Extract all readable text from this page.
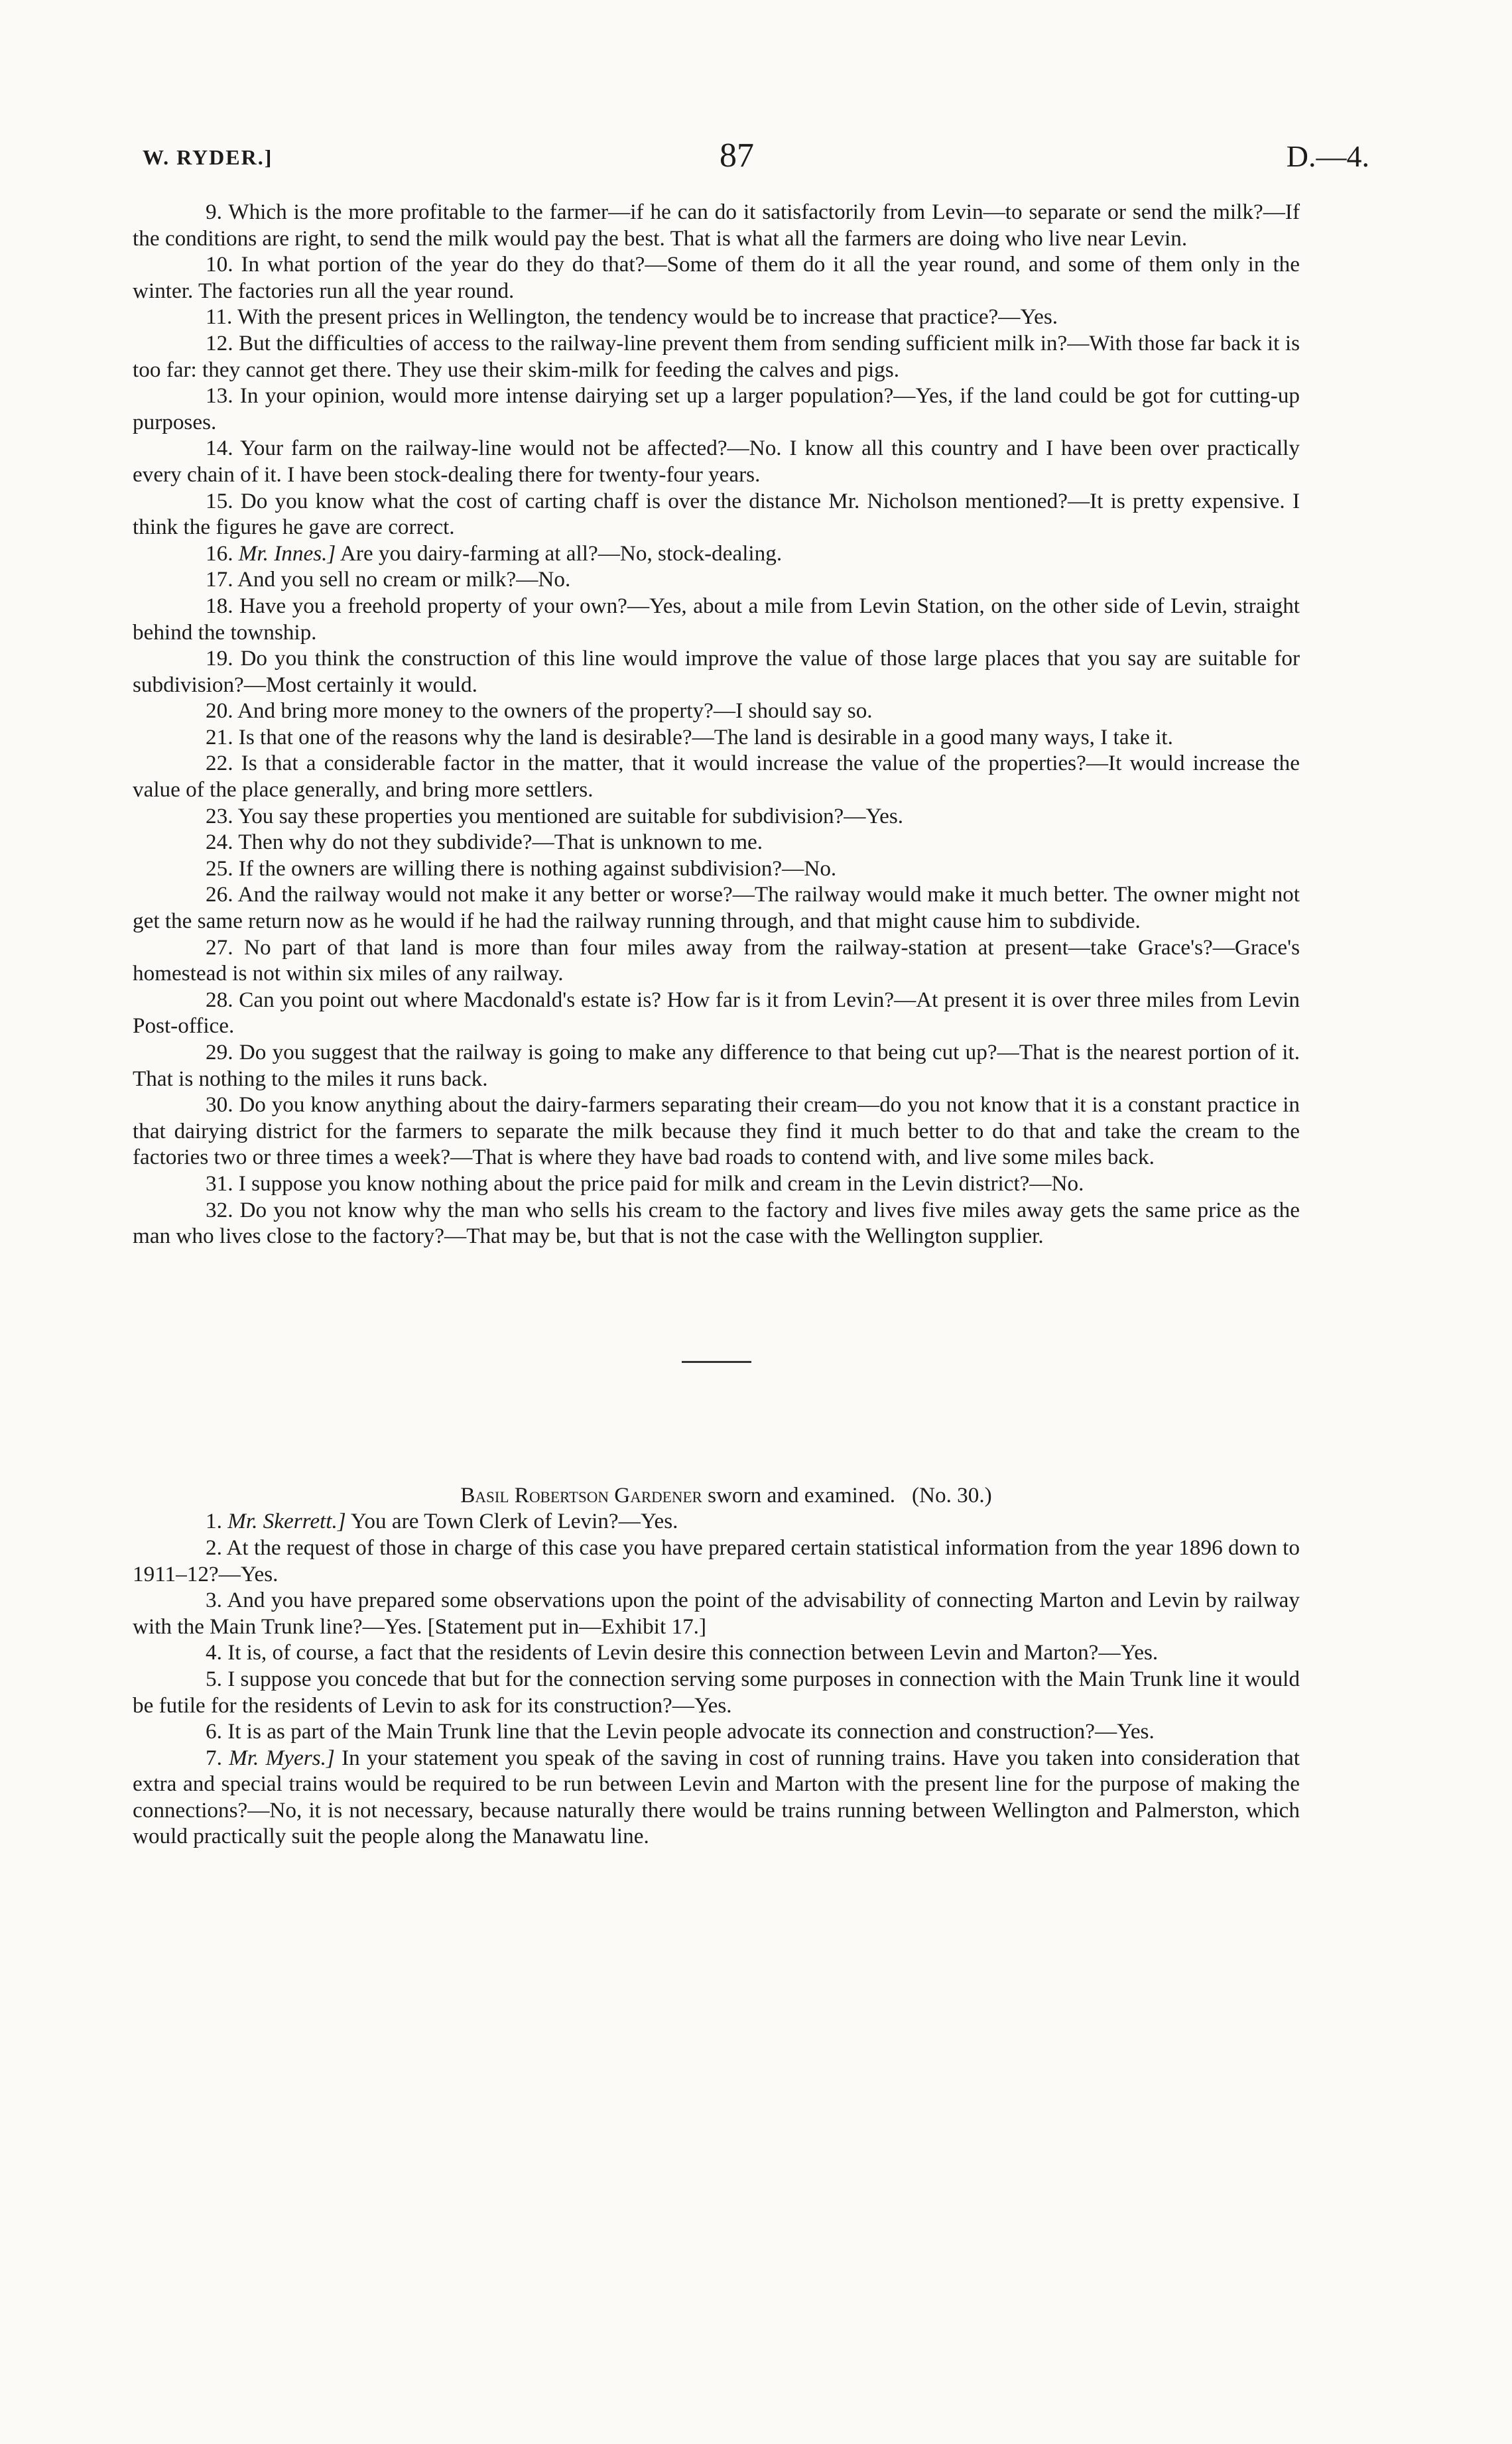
W. RYDER.]	87	D.—4.

9. Which is the more profitable to the farmer—if he can do it satisfactorily from Levin—to separate or send the milk?—If the conditions are right, to send the milk would pay the best. That is what all the farmers are doing who live near Levin.

10. In what portion of the year do they do that?—Some of them do it all the year round, and some of them only in the winter. The factories run all the year round.

11. With the present prices in Wellington, the tendency would be to increase that practice?—Yes.

12. But the difficulties of access to the railway-line prevent them from sending sufficient milk in?—With those far back it is too far: they cannot get there. They use their skim-milk for feeding the calves and pigs.

13. In your opinion, would more intense dairying set up a larger population?—Yes, if the land could be got for cutting-up purposes.

14. Your farm on the railway-line would not be affected?—No. I know all this country and I have been over practically every chain of it. I have been stock-dealing there for twenty-four years.

15. Do you know what the cost of carting chaff is over the distance Mr. Nicholson mentioned?—It is pretty expensive. I think the figures he gave are correct.

16. Mr. Innes.] Are you dairy-farming at all?—No, stock-dealing.

17. And you sell no cream or milk?—No.

18. Have you a freehold property of your own?—Yes, about a mile from Levin Station, on the other side of Levin, straight behind the township.

19. Do you think the construction of this line would improve the value of those large places that you say are suitable for subdivision?—Most certainly it would.

20. And bring more money to the owners of the property?—I should say so.

21. Is that one of the reasons why the land is desirable?—The land is desirable in a good many ways, I take it.

22. Is that a considerable factor in the matter, that it would increase the value of the properties?—It would increase the value of the place generally, and bring more settlers.

23. You say these properties you mentioned are suitable for subdivision?—Yes.

24. Then why do not they subdivide?—That is unknown to me.

25. If the owners are willing there is nothing against subdivision?—No.

26. And the railway would not make it any better or worse?—The railway would make it much better. The owner might not get the same return now as he would if he had the railway running through, and that might cause him to subdivide.

27. No part of that land is more than four miles away from the railway-station at present—take Grace's?—Grace's homestead is not within six miles of any railway.

28. Can you point out where Macdonald's estate is? How far is it from Levin?—At present it is over three miles from Levin Post-office.

29. Do you suggest that the railway is going to make any difference to that being cut up?—That is the nearest portion of it. That is nothing to the miles it runs back.

30. Do you know anything about the dairy-farmers separating their cream—do you not know that it is a constant practice in that dairying district for the farmers to separate the milk because they find it much better to do that and take the cream to the factories two or three times a week?—That is where they have bad roads to contend with, and live some miles back.

31. I suppose you know nothing about the price paid for milk and cream in the Levin district?—No.

32. Do you not know why the man who sells his cream to the factory and lives five miles away gets the same price as the man who lives close to the factory?—That may be, but that is not the case with the Wellington supplier.

Basil Robertson Gardener sworn and examined. (No. 30.)

1. Mr. Skerrett.] You are Town Clerk of Levin?—Yes.

2. At the request of those in charge of this case you have prepared certain statistical information from the year 1896 down to 1911–12?—Yes.

3. And you have prepared some observations upon the point of the advisability of connecting Marton and Levin by railway with the Main Trunk line?—Yes. [Statement put in—Exhibit 17.]

4. It is, of course, a fact that the residents of Levin desire this connection between Levin and Marton?—Yes.

5. I suppose you concede that but for the connection serving some purposes in connection with the Main Trunk line it would be futile for the residents of Levin to ask for its construction?—Yes.

6. It is as part of the Main Trunk line that the Levin people advocate its connection and construction?—Yes.

7. Mr. Myers.] In your statement you speak of the saving in cost of running trains. Have you taken into consideration that extra and special trains would be required to be run between Levin and Marton with the present line for the purpose of making the connections?—No, it is not necessary, because naturally there would be trains running between Wellington and Palmerston, which would practically suit the people along the Manawatu line.
